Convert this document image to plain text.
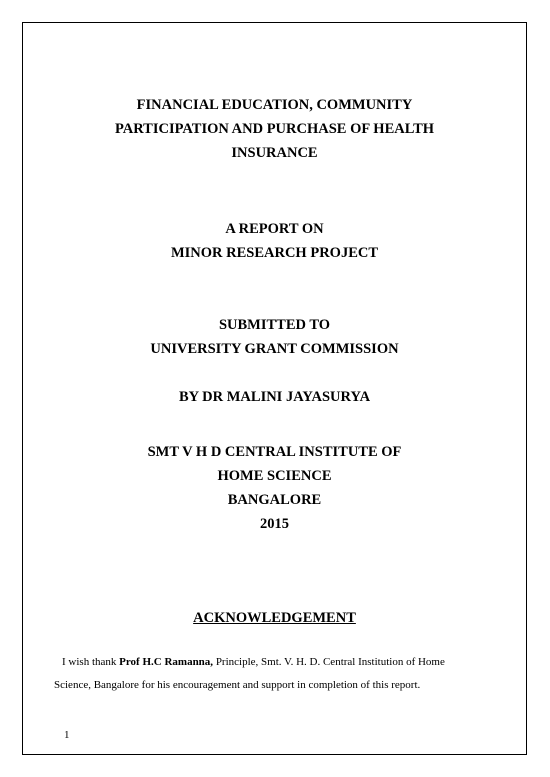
FINANCIAL EDUCATION, COMMUNITY
PARTICIPATION AND PURCHASE OF HEALTH
INSURANCE
A REPORT ON
MINOR RESEARCH PROJECT
SUBMITTED TO
UNIVERSITY GRANT COMMISSION
BY DR MALINI JAYASURYA
SMT V H D CENTRAL INSTITUTE OF
HOME SCIENCE
BANGALORE
2015
ACKNOWLEDGEMENT
I wish thank Prof H.C Ramanna, Principle, Smt. V. H. D. Central Institution of Home
Science, Bangalore for his encouragement and support in completion of this report.
1
